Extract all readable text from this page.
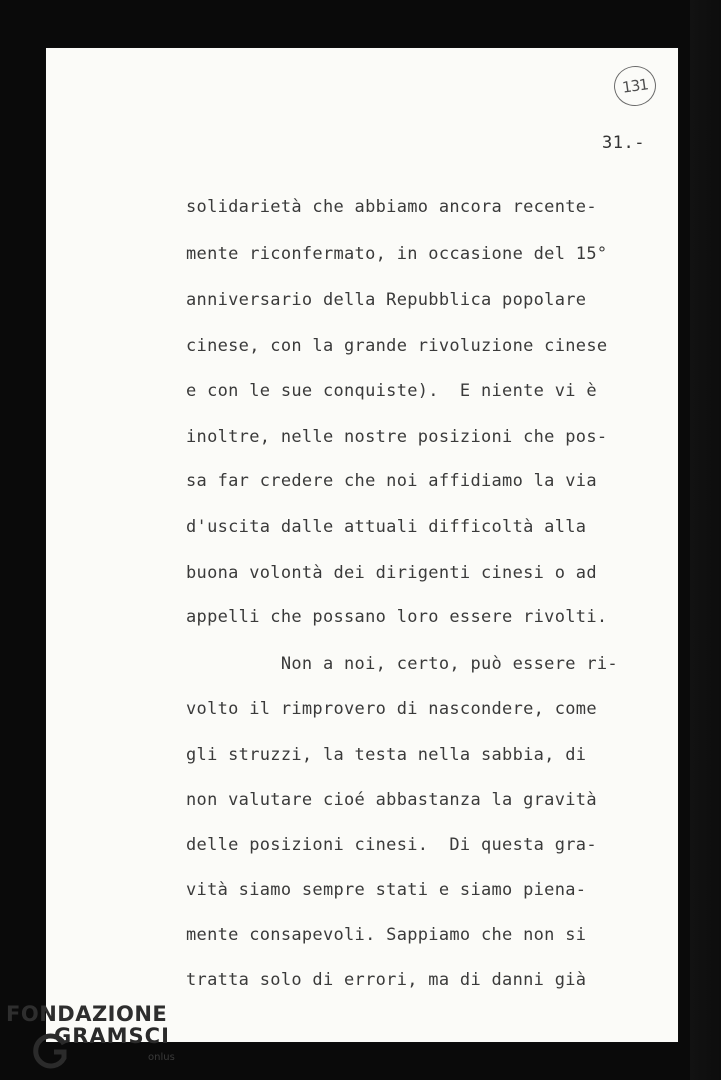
131
31.-
solidarietà che abbiamo ancora recente-
mente riconfermato, in occasione del 15°
anniversario della Repubblica popolare
cinese, con la grande rivoluzione cinese
e con le sue conquiste).  E niente vi è
inoltre, nelle nostre posizioni che pos-
sa far credere che noi affidiamo la via
d'uscita dalle attuali difficoltà alla
buona volontà dei dirigenti cinesi o ad
appelli che possano loro essere rivolti.
Non a noi, certo, può essere ri-
volto il rimprovero di nascondere, come
gli struzzi, la testa nella sabbia, di
non valutare cioé abbastanza la gravità
delle posizioni cinesi.  Di questa gra-
vità siamo sempre stati e siamo piena-
mente consapevoli. Sappiamo che non si
tratta solo di errori, ma di danni già
FONDAZIONE
GRAMSCI
onlus
